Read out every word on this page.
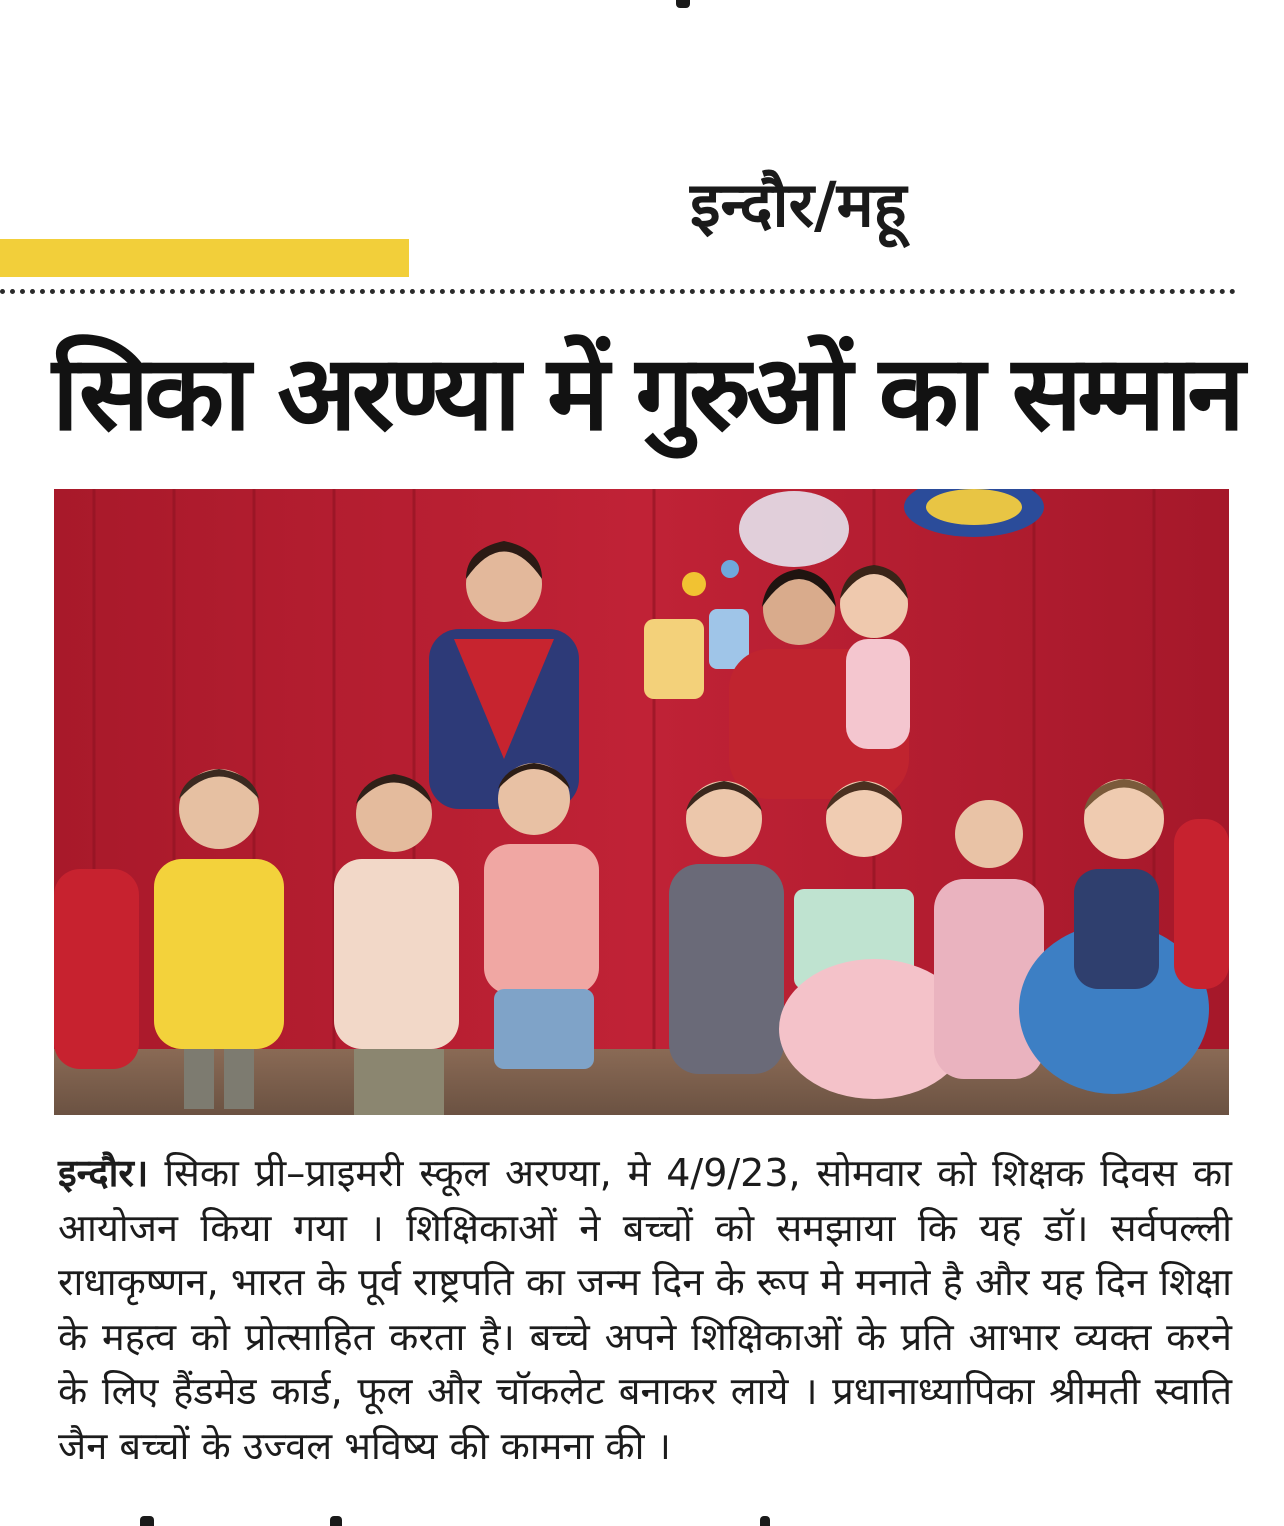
इन्दौर/महू
सिका अरण्या में गुरुओं का सम्मान

इन्दौर। सिका प्री–प्राइमरी स्कूल अरण्या, मे 4/9/23, सोमवार को शिक्षक दिवस का आयोजन किया गया । शिक्षिकाओं ने बच्चों को समझाया कि यह डॉ। सर्वपल्ली राधाकृष्णन, भारत के पूर्व राष्ट्रपति का जन्म दिन के रूप मे मनाते है और यह दिन शिक्षा के महत्व को प्रोत्साहित करता है। बच्चे अपने शिक्षिकाओं के प्रति आभार व्यक्त करने के लिए हैंडमेड कार्ड, फूल और चॉकलेट बनाकर लाये । प्रधानाध्यापिका श्रीमती स्वाति जैन बच्चों के उज्वल भविष्य की कामना की ।
